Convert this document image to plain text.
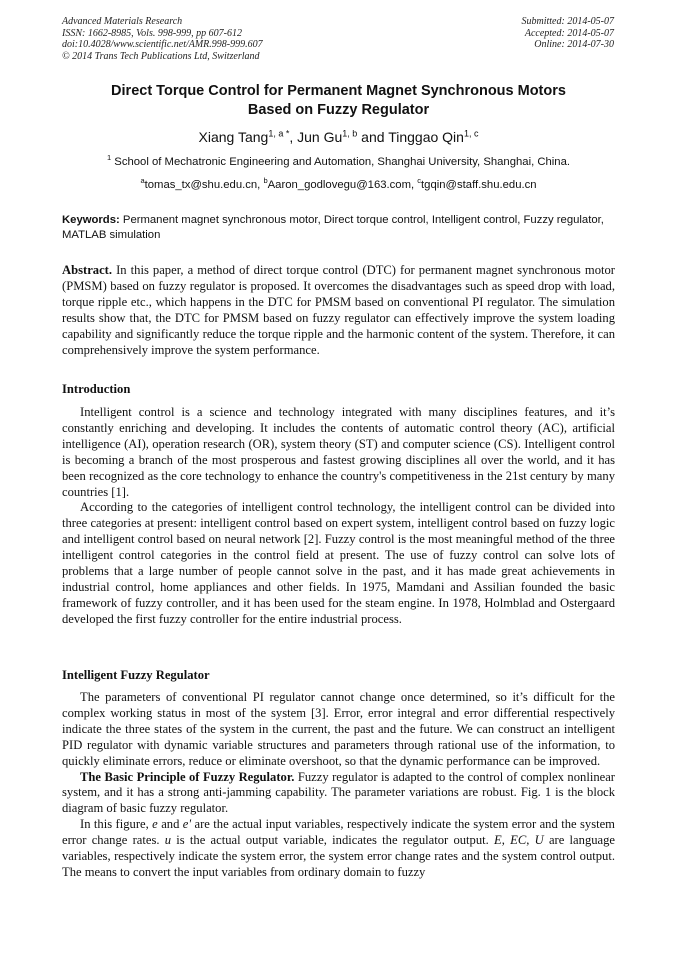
Advanced Materials Research
ISSN: 1662-8985, Vols. 998-999, pp 607-612
doi:10.4028/www.scientific.net/AMR.998-999.607
© 2014 Trans Tech Publications Ltd, Switzerland
Submitted: 2014-05-07
Accepted: 2014-05-07
Online: 2014-07-30
Direct Torque Control for Permanent Magnet Synchronous Motors
Based on Fuzzy Regulator
Xiang Tang$^{1, a *}$, Jun Gu$^{1, b}$ and Tinggao Qin$^{1, c}$
$^1$ School of Mechatronic Engineering and Automation, Shanghai University, Shanghai, China.
$^a$tomas_tx@shu.edu.cn, $^b$Aaron_godlovegu@163.com, $^c$tgqin@staff.shu.edu.cn
Keywords: Permanent magnet synchronous motor, Direct torque control, Intelligent control, Fuzzy regulator, MATLAB simulation

Abstract. In this paper, a method of direct torque control (DTC) for permanent magnet synchronous motor (PMSM) based on fuzzy regulator is proposed. It overcomes the disadvantages such as speed drop with load, torque ripple etc., which happens in the DTC for PMSM based on conventional PI regulator. The simulation results show that, the DTC for PMSM based on fuzzy regulator can effectively improve the system loading capability and significantly reduce the torque ripple and the harmonic content of the system. Therefore, it can comprehensively improve the system performance.

Introduction

Intelligent control is a science and technology integrated with many disciplines features, and it’s constantly enriching and developing. It includes the contents of automatic control theory (AC), artificial intelligence (AI), operation research (OR), system theory (ST) and computer science (CS). Intelligent control is becoming a branch of the most prosperous and fastest growing disciplines all over the world, and it has been recognized as the core technology to enhance the country's competitiveness in the 21st century by many countries [1].

According to the categories of intelligent control technology, the intelligent control can be divided into three categories at present: intelligent control based on expert system, intelligent control based on fuzzy logic and intelligent control based on neural network [2]. Fuzzy control is the most meaningful method of the three intelligent control categories in the control field at present. The use of fuzzy control can solve lots of problems that a large number of people cannot solve in the past, and it has made great achievements in industrial control, home appliances and other fields. In 1975, Mamdani and Assilian founded the basic framework of fuzzy controller, and it has been used for the steam engine. In 1978, Holmblad and Ostergaard developed the first fuzzy controller for the entire industrial process.

Intelligent Fuzzy Regulator

The parameters of conventional PI regulator cannot change once determined, so it’s difficult for the complex working status in most of the system [3]. Error, error integral and error differential respectively indicate the three states of the system in the current, the past and the future. We can construct an intelligent PID regulator with dynamic variable structures and parameters through rational use of the information, to quickly eliminate errors, reduce or eliminate overshoot, so that the dynamic performance can be improved.

The Basic Principle of Fuzzy Regulator. Fuzzy regulator is adapted to the control of complex nonlinear system, and it has a strong anti-jamming capability. The parameter variations are robust. Fig. 1 is the block diagram of basic fuzzy regulator.

In this figure, e and e' are the actual input variables, respectively indicate the system error and the system error change rates. u is the actual output variable, indicates the regulator output. E, EC, U are language variables, respectively indicate the system error, the system error change rates and the system control output. The means to convert the input variables from ordinary domain to fuzzy
